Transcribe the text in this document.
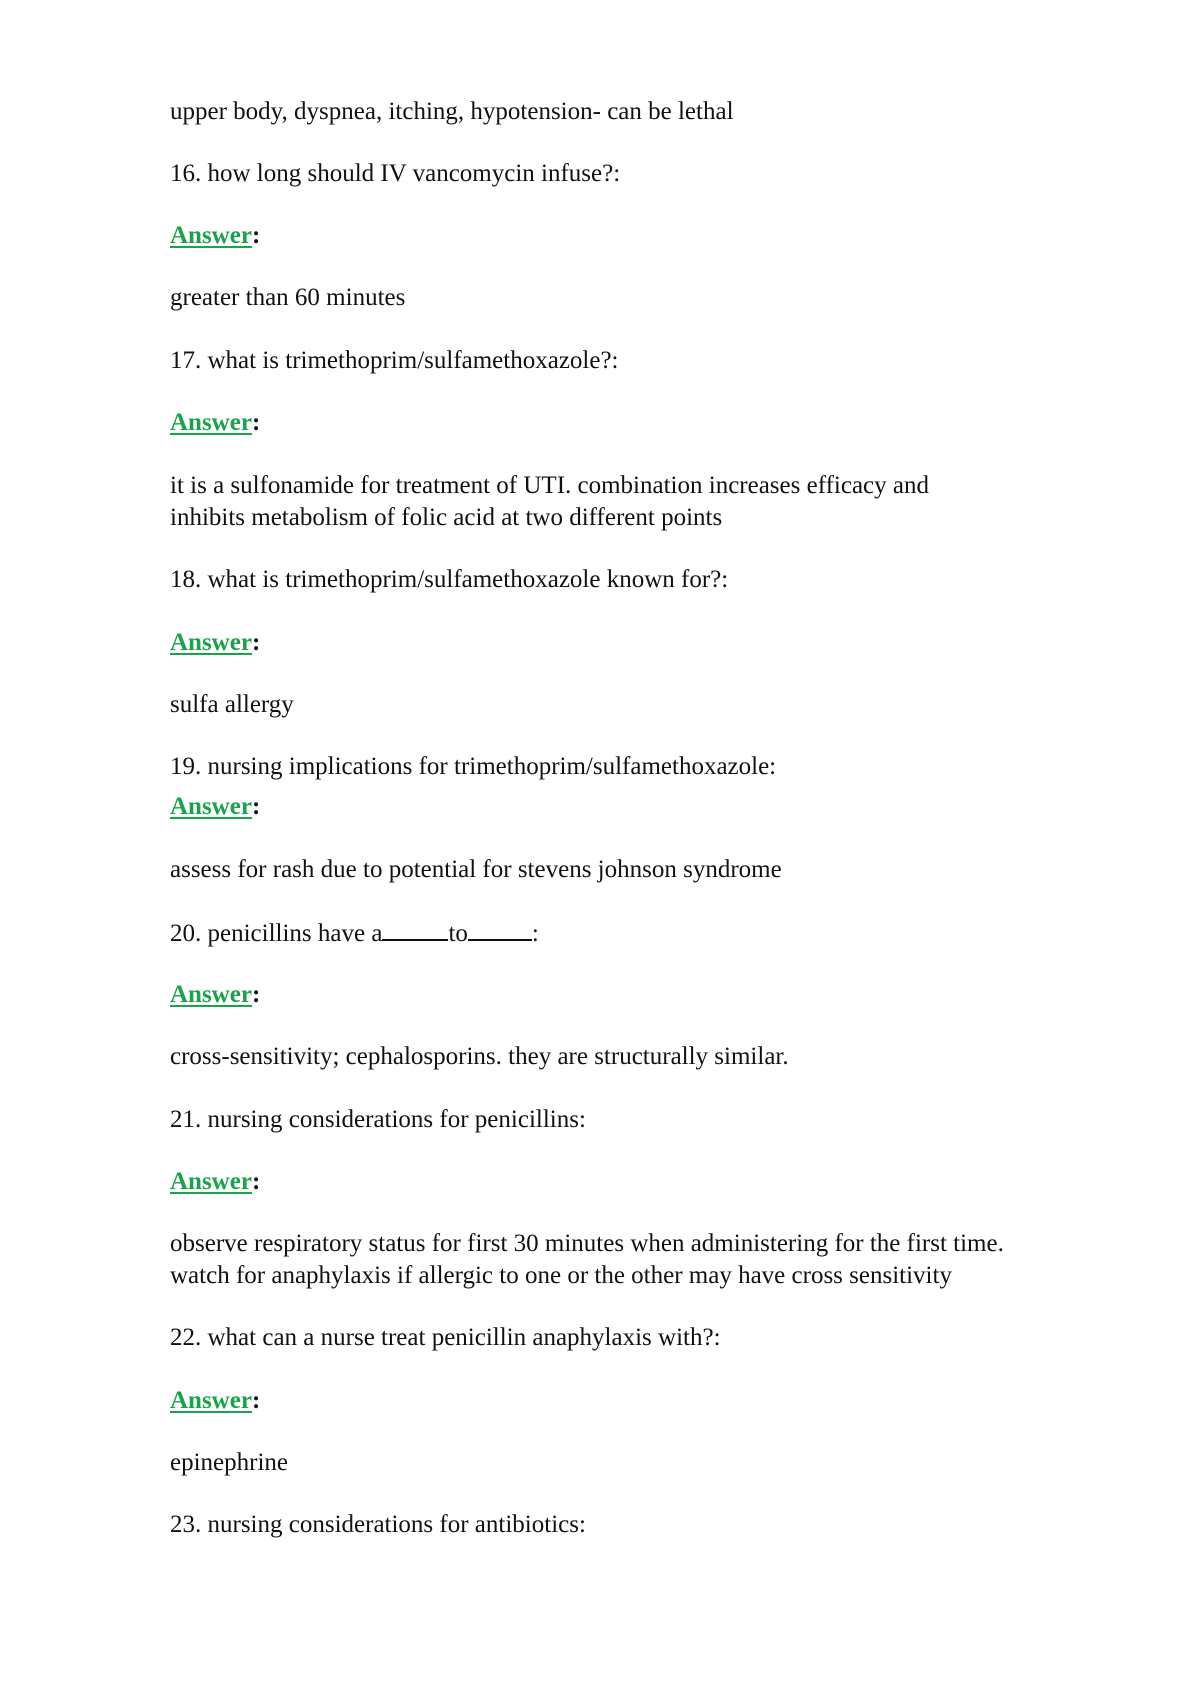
upper body, dyspnea, itching, hypotension- can be lethal
16. how long should IV vancomycin infuse?:
Answer:
greater than 60 minutes
17. what is trimethoprim/sulfamethoxazole?:
Answer:
it is a sulfonamide for treatment of UTI. combination increases efficacy and
inhibits metabolism of folic acid at two different points
18. what is trimethoprim/sulfamethoxazole known for?:
Answer:
sulfa allergy
19. nursing implications for trimethoprim/sulfamethoxazole:
Answer:
assess for rash due to potential for stevens johnson syndrome
20. penicillins have a	to	:
Answer:
cross-sensitivity; cephalosporins. they are structurally similar.
21. nursing considerations for penicillins:
Answer:
observe respiratory status for first 30 minutes when administering for the first time.
watch for anaphylaxis if allergic to one or the other may have cross sensitivity
22. what can a nurse treat penicillin anaphylaxis with?:
Answer:
epinephrine
23. nursing considerations for antibiotics:
